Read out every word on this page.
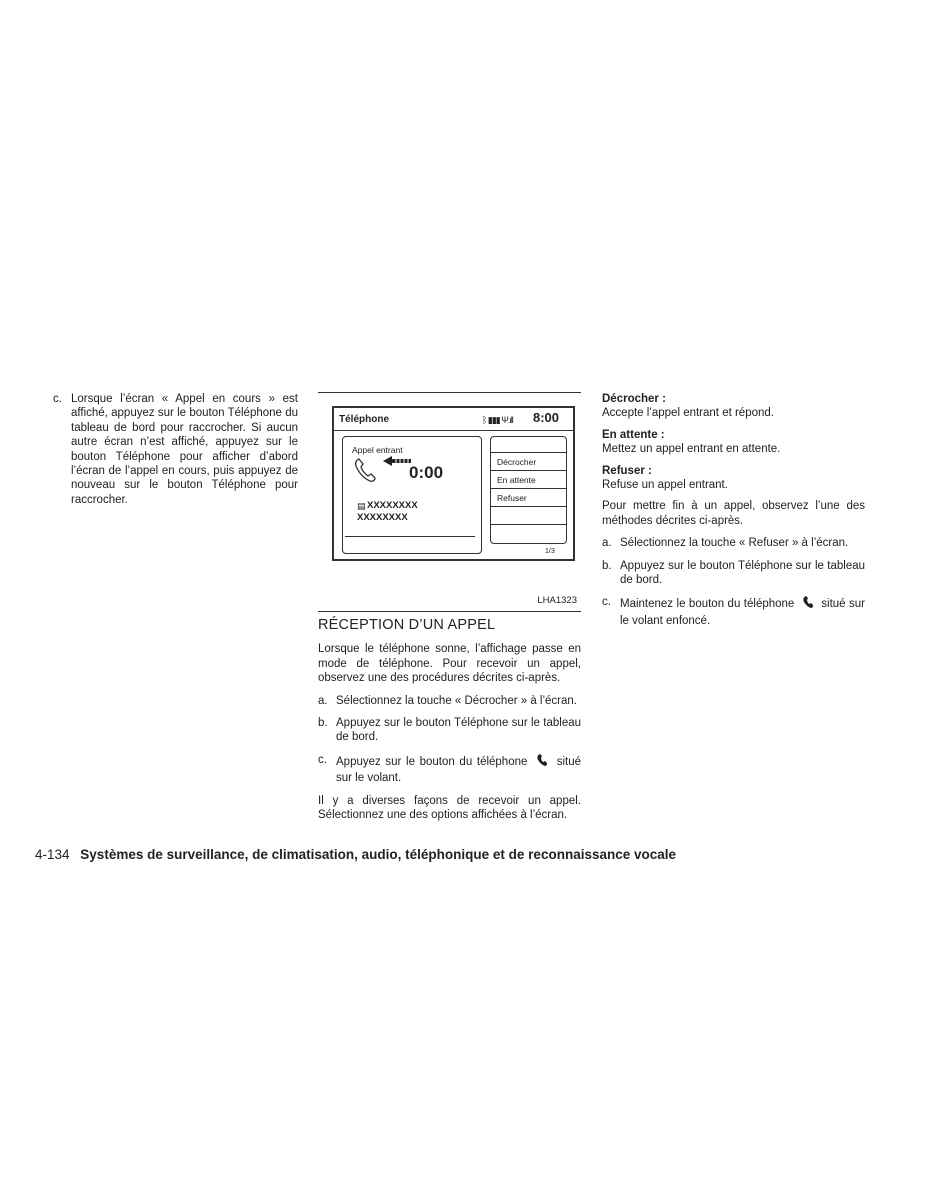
c. Lorsque l’écran « Appel en cours » est affiché, appuyez sur le bouton Téléphone du tableau de bord pour raccrocher. Si aucun autre écran n’est affiché, appuyez sur le bouton Téléphone pour afficher d’abord l’écran de l’appel en cours, puis appuyez de nouveau sur le bouton Téléphone pour raccrocher.
Téléphone	ᛒ ▮▮▮ Ψ.ıll 8:00
Appel entrant
0:00
▤ XXXXXXXX
XXXXXXXX
Décrocher
En attente
Refuser
1/3
LHA1323
RÉCEPTION D’UN APPEL

Lorsque le téléphone sonne, l’affichage passe en mode de téléphone. Pour recevoir un appel, observez une des procédures décrites ci-après.

a. Sélectionnez la touche « Décrocher » à l’écran.
b. Appuyez sur le bouton Téléphone sur le tableau de bord.
c. Appuyez sur le bouton du téléphone	situé sur le volant.

Il y a diverses façons de recevoir un appel. Sélectionnez une des options affichées à l’écran.

Décrocher :

Accepte l’appel entrant et répond.

En attente :

Mettez un appel entrant en attente.

Refuser :

Refuse un appel entrant.

Pour mettre fin à un appel, observez l’une des méthodes décrites ci-après.

a. Sélectionnez la touche « Refuser » à l’écran.
b. Appuyez sur le bouton Téléphone sur le tableau de bord.
c. Maintenez le bouton du téléphone situé sur le volant enfoncé.
4-134 Systèmes de surveillance, de climatisation, audio, téléphonique et de reconnaissance vocale
